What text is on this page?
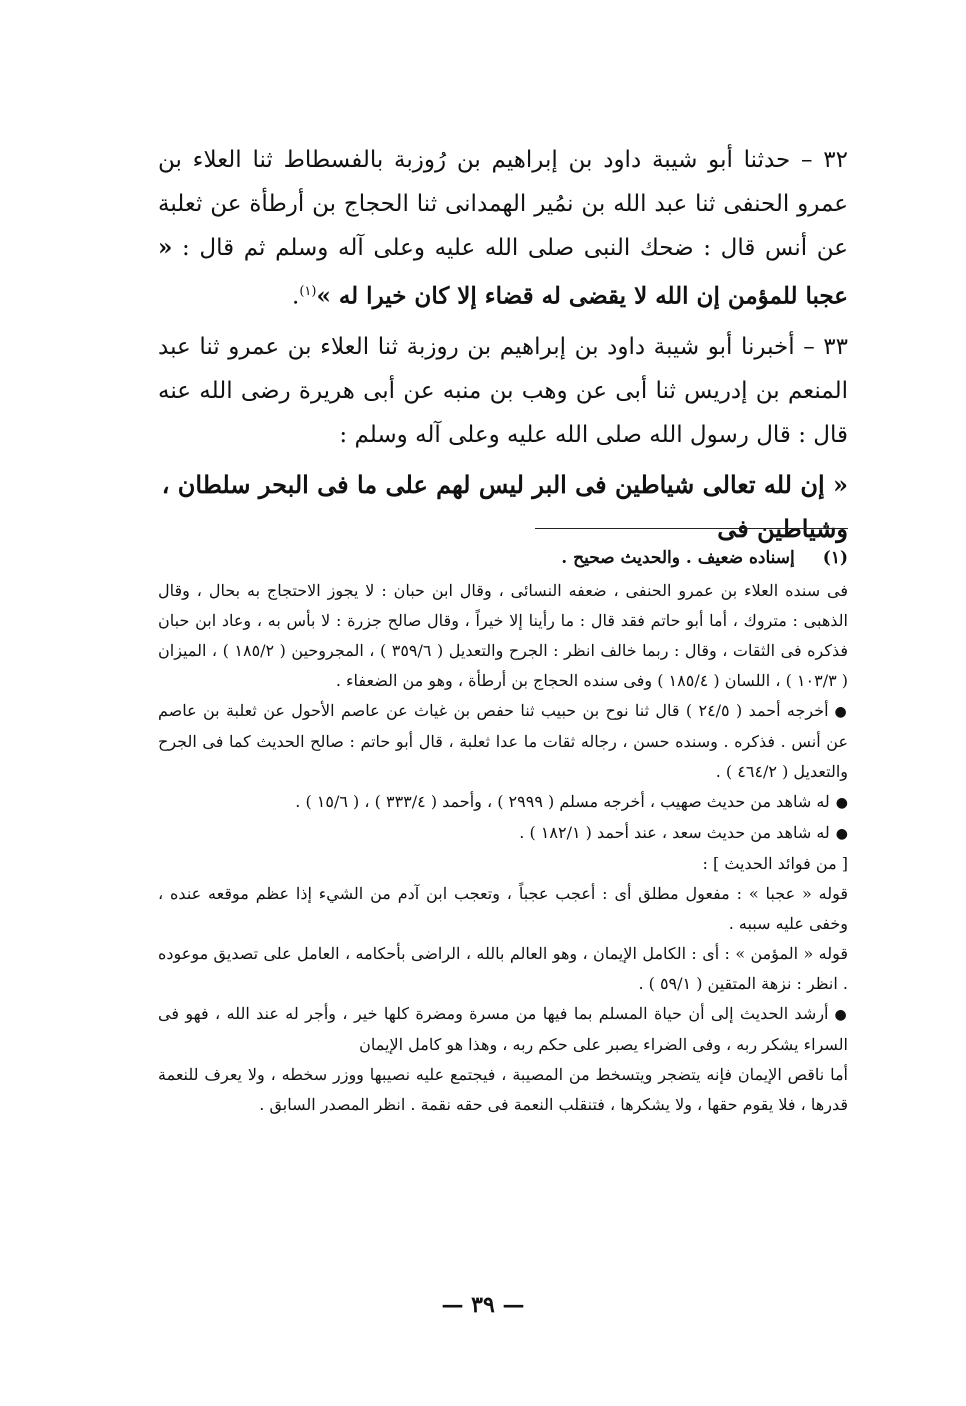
٣٢ – حدثنا أبو شيبة داود بن إبراهيم بن رُوزبة بالفسطاط ثنا العلاء بن عمرو الحنفى ثنا عبد الله بن نمُير الهمدانى ثنا الحجاج بن أرطأة عن ثعلبة عن أنس قال : ضحك النبى صلى الله عليه وعلى آله وسلم ثم قال : « عجبا للمؤمن إن الله لا يقضى له قضاء إلا كان خيرا له »$^{(١)}$.

٣٣ – أخبرنا أبو شيبة داود بن إبراهيم بن روزبة ثنا العلاء بن عمرو ثنا عبد المنعم بن إدريس ثنا أبى عن وهب بن منبه عن أبى هريرة رضى الله عنه قال : قال رسول الله صلى الله عليه وعلى آله وسلم :

« إن لله تعالى شياطين فى البر ليس لهم على ما فى البحر سلطان ، وشياطين فى

(١)
إسناده ضعيف . والحديث صحيح .

فى سنده العلاء بن عمرو الحنفى ، ضعفه النسائى ، وقال ابن حبان : لا يجوز الاحتجاج به بحال ، وقال الذهبى : متروك ، أما أبو حاتم فقد قال : ما رأينا إلا خيراً ، وقال صالح جزرة : لا بأس به ، وعاد ابن حبان فذكره فى الثقات ، وقال : ربما خالف انظر : الجرح والتعديل ( ٣٥٩/٦ ) ، المجروحين ( ١٨٥/٢ ) ، الميزان ( ١٠٣/٣ ) ، اللسان ( ١٨٥/٤ ) وفى سنده الحجاج بن أرطأة ، وهو من الضعفاء .

● أخرجه أحمد ( ٢٤/٥ ) قال ثنا نوح بن حبيب ثنا حفص بن غياث عن عاصم الأحول عن ثعلبة بن عاصم عن أنس . فذكره . وسنده حسن ، رجاله ثقات ما عدا ثعلبة ، قال أبو حاتم : صالح الحديث كما فى الجرح والتعديل ( ٤٦٤/٢ ) .

● له شاهد من حديث صهيب ، أخرجه مسلم ( ٢٩٩٩ ) ، وأحمد ( ٣٣٣/٤ ) ، ( ١٥/٦ ) .

● له شاهد من حديث سعد ، عند أحمد ( ١٨٢/١ ) .

[ من فوائد الحديث ] :

قوله « عجبا » : مفعول مطلق أى : أعجب عجباً ، وتعجب ابن آدم من الشيء إذا عظم موقعه عنده ، وخفى عليه سببه .

قوله « المؤمن » : أى : الكامل الإيمان ، وهو العالم بالله ، الراضى بأحكامه ، العامل على تصديق موعوده . انظر : نزهة المتقين ( ٥٩/١ ) .

● أرشد الحديث إلى أن حياة المسلم بما فيها من مسرة ومضرة كلها خير ، وأجر له عند الله ، فهو فى السراء يشكر ربه ، وفى الضراء يصبر على حكم ربه ، وهذا هو كامل الإيمان

أما ناقص الإيمان فإنه يتضجر ويتسخط من المصيبة ، فيجتمع عليه نصيبها ووزر سخطه ، ولا يعرف للنعمة قدرها ، فلا يقوم حقها ، ولا يشكرها ، فتنقلب النعمة فى حقه نقمة . انظر المصدر السابق .

— ٣٩ —
